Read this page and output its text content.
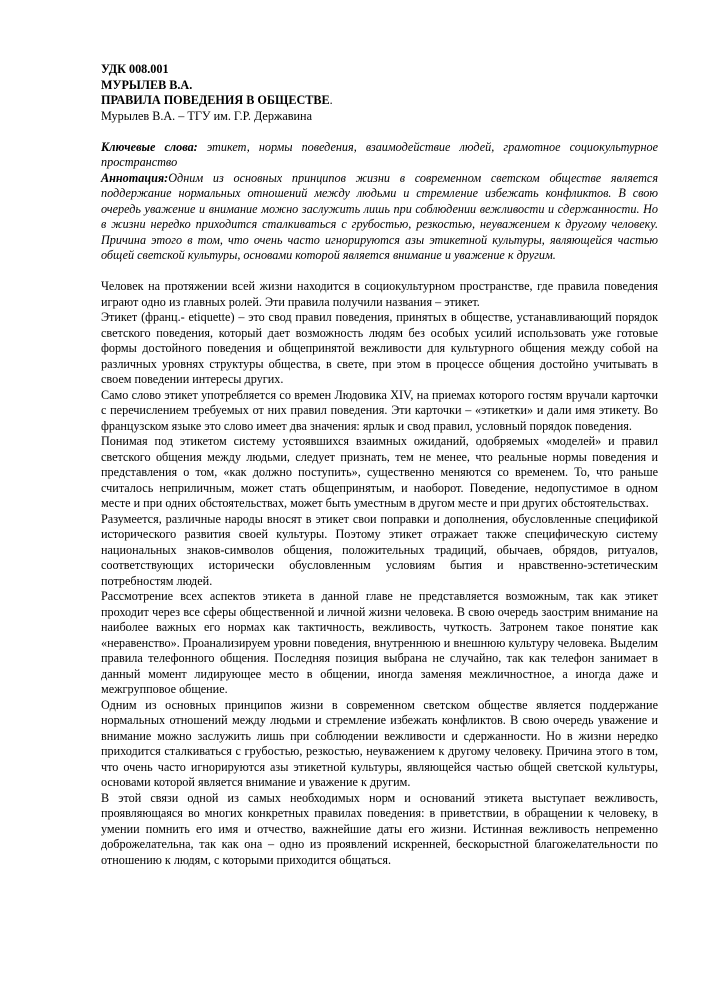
УДК 008.001

МУРЫЛЕВ В.А.

ПРАВИЛА ПОВЕДЕНИЯ В ОБЩЕСТВЕ.

Мурылев В.А. – ТГУ им. Г.Р. Державина

Ключевые слова: этикет, нормы поведения, взаимодействие людей, грамотное социокультурное пространство

Аннотация:Одним из основных принципов жизни в современном светском обществе является поддержание нормальных отношений между людьми и стремление избежать конфликтов. В свою очередь уважение и внимание можно заслужить лишь при соблюдении вежливости и сдержанности. Но в жизни нередко приходится сталкиваться с грубостью, резкостью, неуважением к другому человеку. Причина этого в том, что очень часто игнорируются азы этикетной культуры, являющейся частью общей светской культуры, основами которой является внимание и уважение к другим.

Человек на протяжении всей жизни находится в социокультурном пространстве, где правила поведения играют одно из главных ролей. Эти правила получили названия – этикет.

Этикет (франц.- etiquette) – это свод правил поведения, принятых в обществе, устанавливающий порядок светского поведения, который дает возможность людям без особых усилий использовать уже готовые формы достойного поведения и общепринятой вежливости для культурного общения между собой на различных уровнях структуры общества, в свете, при этом в процессе общения достойно учитывать в своем поведении интересы других.

Само слово этикет употребляется со времен Людовика XIV, на приемах которого гостям вручали карточки с перечислением требуемых от них правил поведения. Эти карточки – «этикетки» и дали имя этикету. Во французском языке это слово имеет два значения: ярлык и свод правил, условный порядок поведения.

Понимая под этикетом систему устоявшихся взаимных ожиданий, одобряемых «моделей» и правил светского общения между людьми, следует признать, тем не менее, что реальные нормы поведения и представления о том, «как должно поступить», существенно меняются со временем. То, что раньше считалось неприличным, может стать общепринятым, и наоборот. Поведение, недопустимое в одном месте и при одних обстоятельствах, может быть уместным в другом месте и при других обстоятельствах.

Разумеется, различные народы вносят в этикет свои поправки и дополнения, обусловленные спецификой исторического развития своей культуры. Поэтому этикет отражает также специфическую систему национальных знаков-символов общения, положительных традиций, обычаев, обрядов, ритуалов, соответствующих исторически обусловленным условиям бытия и нравственно-эстетическим потребностям людей.

Рассмотрение всех аспектов этикета в данной главе не представляется возможным, так как этикет проходит через все сферы общественной и личной жизни человека. В свою очередь заострим внимание на наиболее важных его нормах как тактичность, вежливость, чуткость. Затронем такое понятие как «неравенство». Проанализируем уровни поведения, внутреннюю и внешнюю культуру человека. Выделим правила телефонного общения. Последняя позиция выбрана не случайно, так как телефон занимает в данный момент лидирующее место в общении, иногда заменяя межличностное, а иногда даже и межгрупповое общение.

Одним из основных принципов жизни в современном светском обществе является поддержание нормальных отношений между людьми и стремление избежать конфликтов. В свою очередь уважение и внимание можно заслужить лишь при соблюдении вежливости и сдержанности. Но в жизни нередко приходится сталкиваться с грубостью, резкостью, неуважением к другому человеку. Причина этого в том, что очень часто игнорируются азы этикетной культуры, являющейся частью общей светской культуры, основами которой является внимание и уважение к другим.

В этой связи одной из самых необходимых норм и оснований этикета выступает вежливость, проявляющаяся во многих конкретных правилах поведения: в приветствии, в обращении к человеку, в умении помнить его имя и отчество, важнейшие даты его жизни. Истинная вежливость непременно доброжелательна, так как она – одно из проявлений искренней, бескорыстной благожелательности по отношению к людям, с которыми приходится общаться.
